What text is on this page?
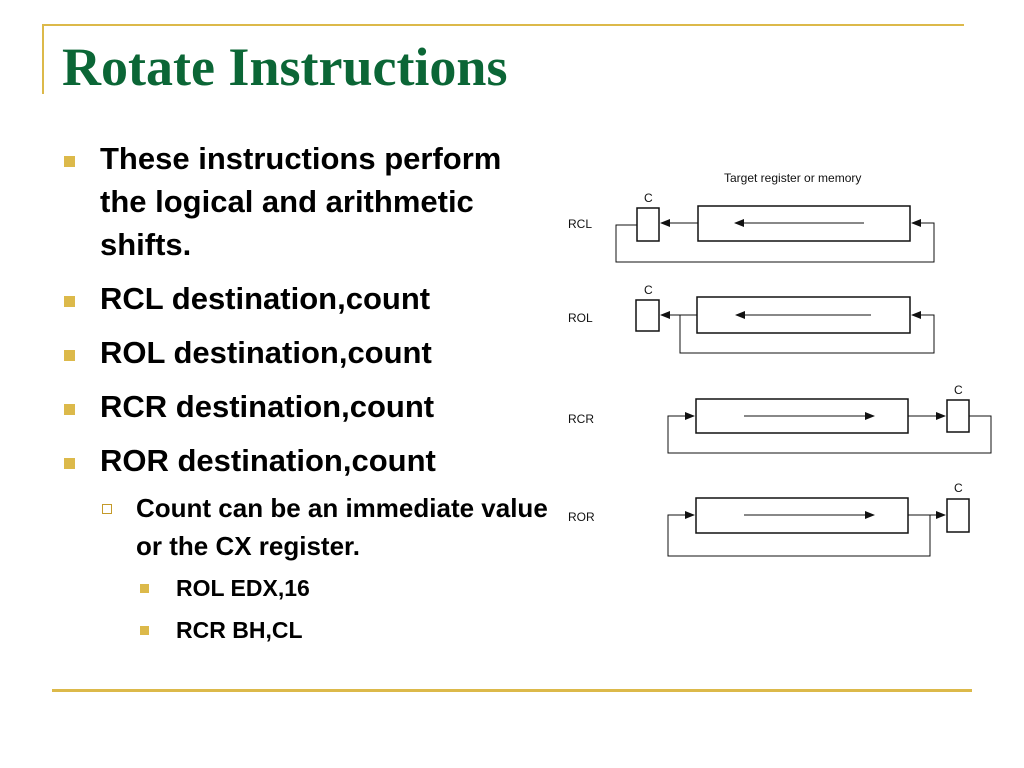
Rotate Instructions
These instructions perform the logical and arithmetic shifts.
RCL destination,count
ROL destination,count
RCR destination,count
ROR destination,count
Count can be an immediate value or the CX register.
ROL EDX,16
RCR BH,CL
Target register or memory
RCL
C
ROL
C
RCR
C
ROR
C
